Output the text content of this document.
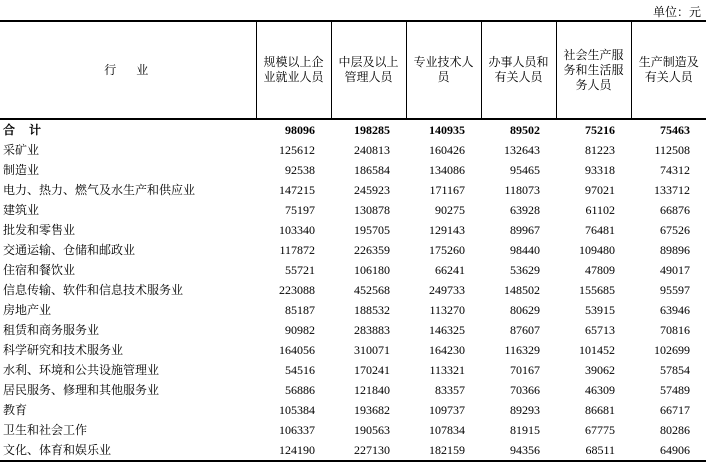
单位：元
行业	规模以上企业就业人员	中层及以上管理人员	专业技术人员	办事人员和有关人员	社会生产服务和生活服务人员	生产制造及有关人员
合计	98096	198285	140935	89502	75216	75463
采矿业	125612	240813	160426	132643	81223	112508
制造业	92538	186584	134086	95465	93318	74312
电力、热力、燃气及水生产和供应业	147215	245923	171167	118073	97021	133712
建筑业	75197	130878	90275	63928	61102	66876
批发和零售业	103340	195705	129143	89967	76481	67526
交通运输、仓储和邮政业	117872	226359	175260	98440	109480	89896
住宿和餐饮业	55721	106180	66241	53629	47809	49017
信息传输、软件和信息技术服务业	223088	452568	249733	148502	155685	95597
房地产业	85187	188532	113270	80629	53915	63946
租赁和商务服务业	90982	283883	146325	87607	65713	70816
科学研究和技术服务业	164056	310071	164230	116329	101452	102699
水利、环境和公共设施管理业	54516	170241	113321	70167	39062	57854
居民服务、修理和其他服务业	56886	121840	83357	70366	46309	57489
教育	105384	193682	109737	89293	86681	66717
卫生和社会工作	106337	190563	107834	81915	67775	80286
文化、体育和娱乐业	124190	227130	182159	94356	68511	64906
